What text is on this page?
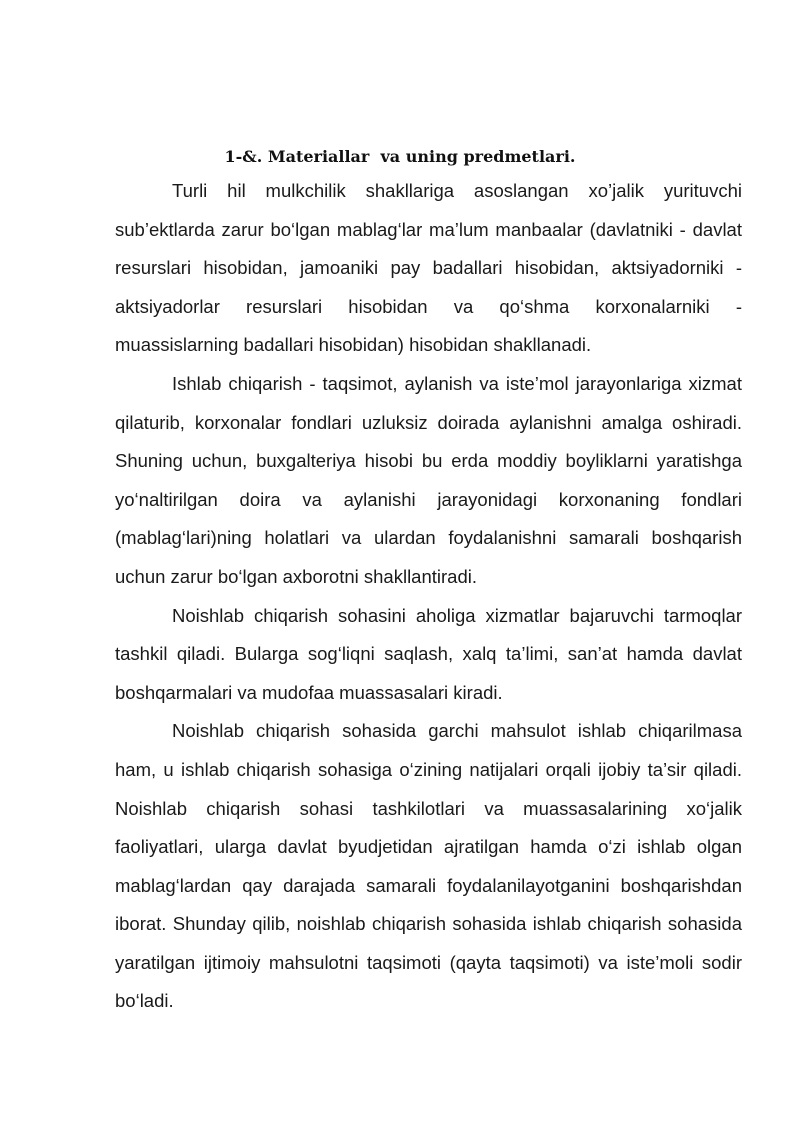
1-&. Materiallar  va uning predmetlari.

Turli hil mulkchilik shakllariga asoslangan xo’jalik yurituvchi sub’ektlarda zarur bo‘lgan mablag‘lar ma’lum manbaalar (davlatniki - davlat resurslari hisobidan, jamoaniki pay badallari hisobidan, aktsiyadorniki - aktsiyadorlar resurslari hisobidan va qo‘shma korxonalarniki - muassislarning badallari hisobidan) hisobidan shakllanadi.

Ishlab chiqarish - taqsimot, aylanish va iste’mol jarayonlariga xizmat qilaturib, korxonalar fondlari uzluksiz doirada aylanishni amalga oshiradi. Shuning uchun, buxgalteriya hisobi bu erda moddiy boyliklarni yaratishga yo‘naltirilgan doira va aylanishi jarayonidagi korxonaning fondlari (mablag‘lari)ning holatlari va ulardan foydalanishni samarali boshqarish uchun zarur bo‘lgan axborotni shakllantiradi.

Noishlab chiqarish sohasini aholiga xizmatlar bajaruvchi tarmoqlar tashkil qiladi. Bularga sog‘liqni saqlash, xalq ta’limi, san’at hamda davlat boshqarmalari va mudofaa muassasalari kiradi.

Noishlab chiqarish sohasida garchi mahsulot ishlab chiqarilmasa ham, u ishlab chiqarish sohasiga o‘zining natijalari orqali ijobiy ta’sir qiladi. Noishlab chiqarish sohasi tashkilotlari va muassasalarining xo‘jalik faoliyatlari, ularga davlat byudjetidan ajratilgan hamda o‘zi ishlab olgan mablag‘lardan qay darajada samarali foydalanilayotganini boshqarishdan iborat. Shunday qilib, noishlab chiqarish sohasida ishlab chiqarish sohasida yaratilgan ijtimoiy mahsulotni taqsimoti (qayta taqsimoti) va iste’moli sodir bo‘ladi.
